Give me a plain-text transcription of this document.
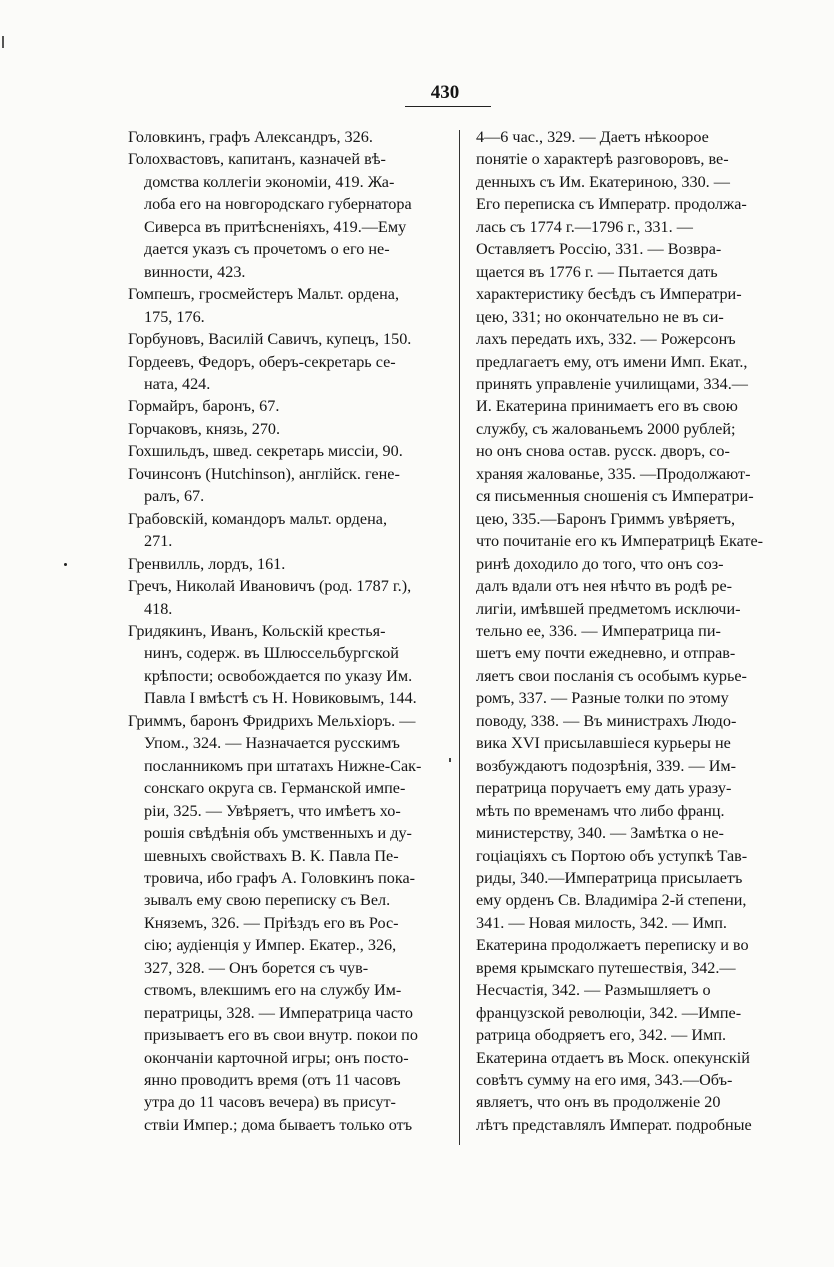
430
Головкинъ, графъ Александръ, 326.
Голохвастовъ, капитанъ, казначей вѣ-
домства коллегіи экономіи, 419. Жа-
лоба его на новгородскаго губернатора
Сиверса въ притѣсненіяхъ, 419.—Ему
дается указъ съ прочетомъ о его не-
винности, 423.
Гомпешъ, гросмейстеръ Мальт. ордена,
175, 176.
Горбуновъ, Василій Савичъ, купецъ, 150.
Гордеевъ, Федоръ, оберъ-секретарь се-
ната, 424.
Гормайръ, баронъ, 67.
Горчаковъ, князь, 270.
Гохшильдъ, швед. секретарь миссіи, 90.
Гочинсонъ (Hutchinson), англійск. гене-
ралъ, 67.
Грабовскій, командоръ мальт. ордена,
271.
Гренвилль, лордъ, 161.
Гречъ, Николай Ивановичъ (род. 1787 г.),
418.
Гридякинъ, Иванъ, Кольскій крестья-
нинъ, содерж. въ Шлюссельбургской
крѣпости; освобождается по указу Им.
Павла I вмѣстѣ съ Н. Новиковымъ, 144.
Гриммъ, баронъ Фридрихъ Мельхіоръ. —
Упом., 324. — Назначается русскимъ
посланникомъ при штатахъ Нижне-Сак-
сонскаго округа св. Германской импе-
ріи, 325. — Увѣряетъ, что имѣетъ хо-
рошія свѣдѣнія объ умственныхъ и ду-
шевныхъ свойствахъ В. К. Павла Пе-
тровича, ибо графъ А. Головкинъ пока-
зывалъ ему свою переписку съ Вел.
Княземъ, 326. — Пріѣздъ его въ Рос-
сію; аудіенція у Импер. Екатер., 326,
327, 328. — Онъ борется съ чув-
ствомъ, влекшимъ его на службу Им-
ператрицы, 328. — Императрица часто
призываетъ его въ свои внутр. покои по
окончаніи карточной игры; онъ посто-
янно проводитъ время (отъ 11 часовъ
утра до 11 часовъ вечера) въ присут-
ствіи Импер.; дома бываетъ только отъ
4—6 час., 329. — Даетъ нѣкоорое
понятіе о характерѣ разговоровъ, ве-
денныхъ съ Им. Екатериною, 330. —
Его переписка съ Императр. продолжа-
лась съ 1774 г.—1796 г., 331. —
Оставляетъ Россію, 331. — Возвра-
щается въ 1776 г. — Пытается дать
характеристику бесѣдъ съ Императри-
цею, 331; но окончательно не въ си-
лахъ передать ихъ, 332. — Рожерсонъ
предлагаетъ ему, отъ имени Имп. Екат.,
принять управленіе училищами, 334.—
И. Екатерина принимаетъ его въ свою
службу, съ жалованьемъ 2000 рублей;
но онъ снова остав. русск. дворъ, со-
храняя жалованье, 335. —Продолжают-
ся письменныя сношенія съ Императри-
цею, 335.—Баронъ Гриммъ увѣряетъ,
что почитаніе его къ Императрицѣ Екате-
ринѣ доходило до того, что онъ соз-
далъ вдали отъ нея нѣчто въ родѣ ре-
лигіи, имѣвшей предметомъ исключи-
тельно ее, 336. — Императрица пи-
шетъ ему почти ежедневно, и отправ-
ляетъ свои посланія съ особымъ курье-
ромъ, 337. — Разные толки по этому
поводу, 338. — Въ министрахъ Людо-
вика XVI присылавшіеся курьеры не
возбуждаютъ подозрѣнія, 339. — Им-
ператрица поручаетъ ему дать уразу-
мѣть по временамъ что либо франц.
министерству, 340. — Замѣтка о не-
гоціаціяхъ съ Портою объ уступкѣ Тав-
риды, 340.—Императрица присылаетъ
ему орденъ Св. Владиміра 2-й степени,
341. — Новая милость, 342. — Имп.
Екатерина продолжаетъ переписку и во
время крымскаго путешествія, 342.—
Несчастія, 342. — Размышляетъ о
французской революціи, 342. —Импе-
ратрица ободряетъ его, 342. — Имп.
Екатерина отдаетъ въ Моск. опекунскій
совѣтъ сумму на его имя, 343.—Объ-
являетъ, что онъ въ продолженіе 20
лѣтъ представлялъ Императ. подробные
